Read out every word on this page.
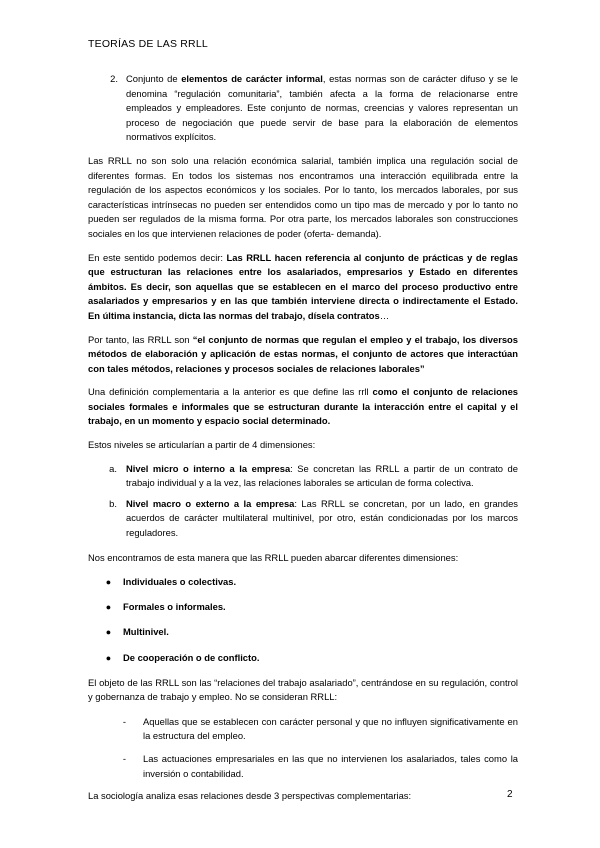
TEORÍAS DE LAS RRLL
2. Conjunto de elementos de carácter informal, estas normas son de carácter difuso y se le denomina “regulación comunitaria”, también afecta a la forma de relacionarse entre empleados y empleadores. Este conjunto de normas, creencias y valores representan un proceso de negociación que puede servir de base para la elaboración de elementos normativos explícitos.

Las RRLL no son solo una relación económica salarial, también implica una regulación social de diferentes formas. En todos los sistemas nos encontramos una interacción equilibrada entre la regulación de los aspectos económicos y los sociales. Por lo tanto, los mercados laborales, por sus características intrínsecas no pueden ser entendidos como un tipo mas de mercado y por lo tanto no pueden ser regulados de la misma forma. Por otra parte, los mercados laborales son construcciones sociales en los que intervienen relaciones de poder (oferta- demanda).

En este sentido podemos decir: Las RRLL hacen referencia al conjunto de prácticas y de reglas que estructuran las relaciones entre los asalariados, empresarios y Estado en diferentes ámbitos. Es decir, son aquellas que se establecen en el marco del proceso productivo entre asalariados y empresarios y en las que también interviene directa o indirectamente el Estado. En última instancia, dicta las normas del trabajo, dísela contratos…

Por tanto, las RRLL son “el conjunto de normas que regulan el empleo y el trabajo, los diversos métodos de elaboración y aplicación de estas normas, el conjunto de actores que interactúan con tales métodos, relaciones y procesos sociales de relaciones laborales”

Una definición complementaria a la anterior es que define las rrll como el conjunto de relaciones sociales formales e informales que se estructuran durante la interacción entre el capital y el trabajo, en un momento y espacio social determinado.

Estos niveles se articularían a partir de 4 dimensiones:

a. Nivel micro o interno a la empresa: Se concretan las RRLL a partir de un contrato de trabajo individual y a la vez, las relaciones laborales se articulan de forma colectiva.
b. Nivel macro o externo a la empresa: Las RRLL se concretan, por un lado, en grandes acuerdos de carácter multilateral multinivel, por otro, están condicionadas por los marcos reguladores.

Nos encontramos de esta manera que las RRLL pueden abarcar diferentes dimensiones:

●	Individuales o colectivas.
●	Formales o informales.
●	Multinivel.
●	De cooperación o de conflicto.

El objeto de las RRLL son las “relaciones del trabajo asalariado”, centrándose en su regulación, control y gobernanza de trabajo y empleo. No se consideran RRLL:

-	Aquellas que se establecen con carácter personal y que no influyen significativamente en la estructura del empleo.
-	Las actuaciones empresariales en las que no intervienen los asalariados, tales como la inversión o contabilidad.

La sociología analiza esas relaciones desde 3 perspectivas complementarias:	2
